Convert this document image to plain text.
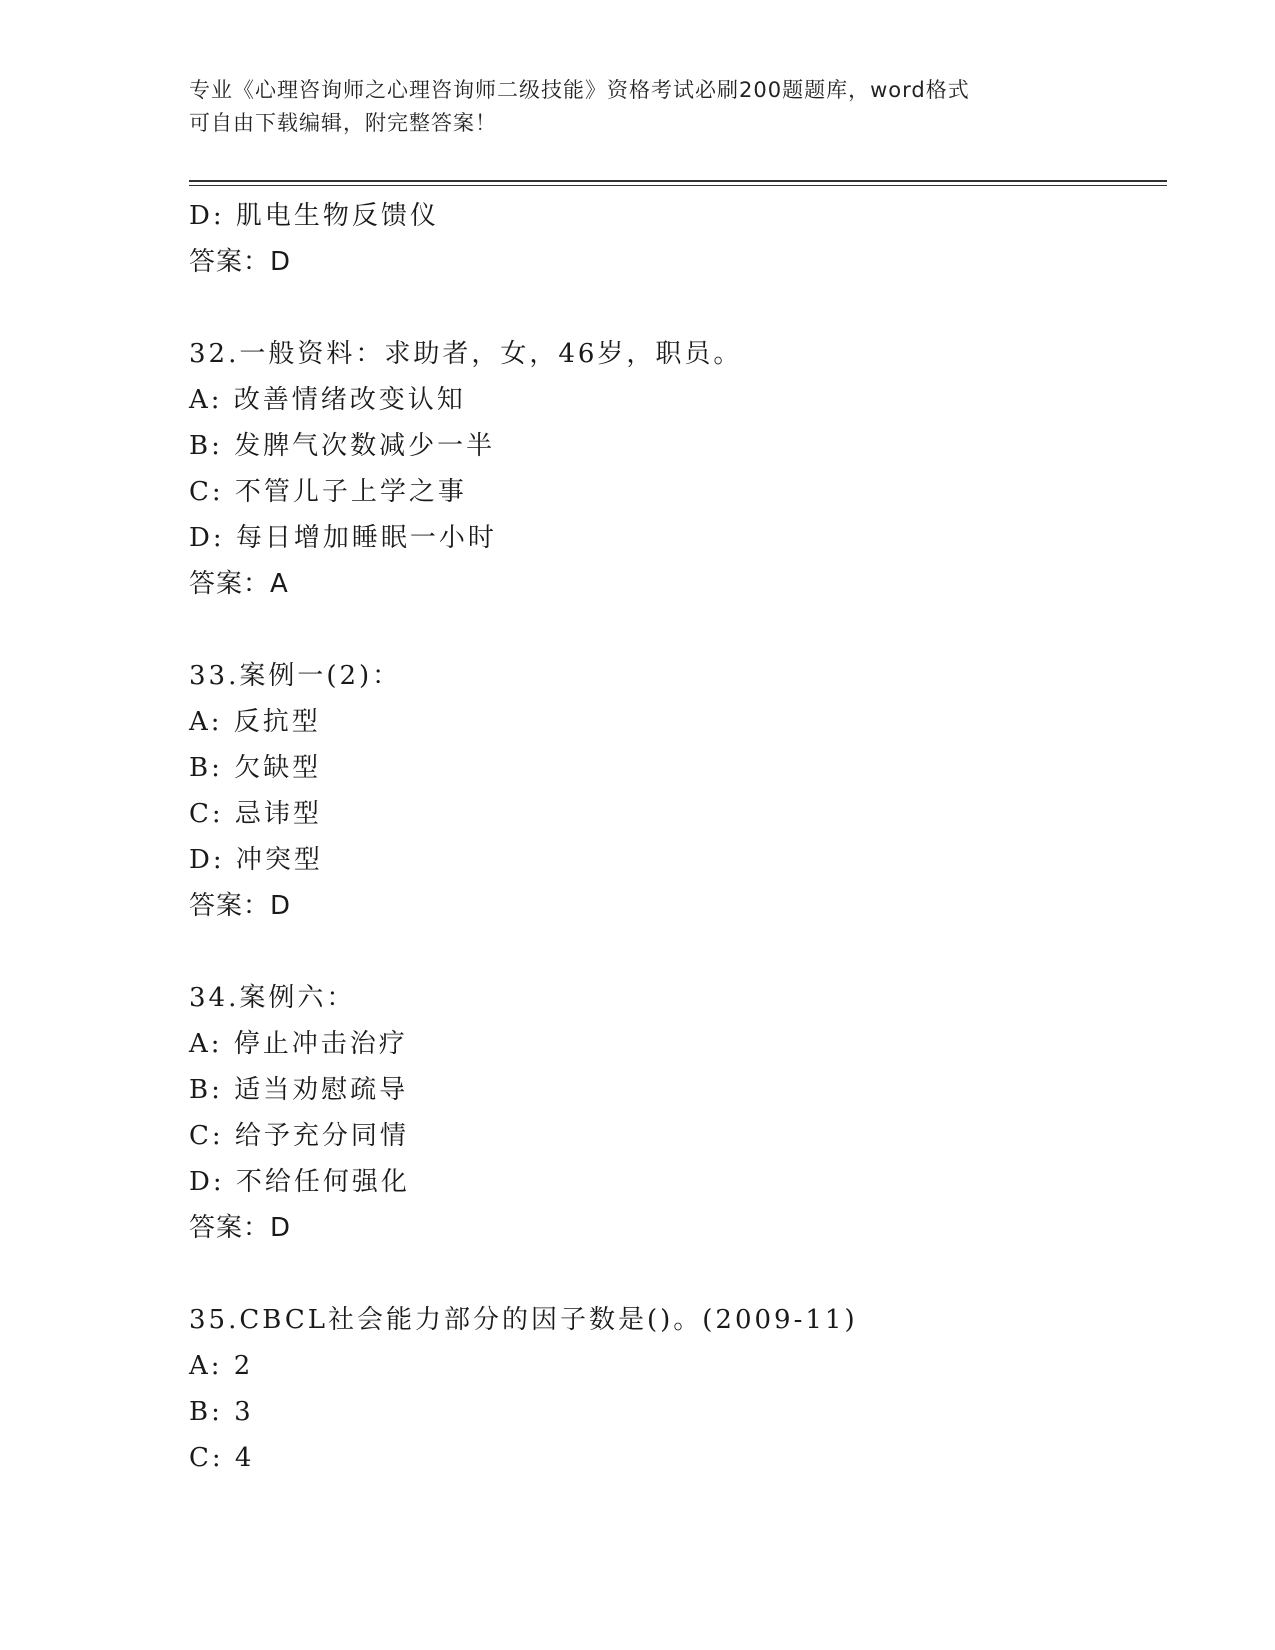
专业《心理咨询师之心理咨询师二级技能》资格考试必刷200题题库，word格式
可自由下载编辑，附完整答案！
D: 肌电生物反馈仪
答案：D
32.一般资料：求助者，女，46岁，职员。
A: 改善情绪改变认知
B: 发脾气次数减少一半
C: 不管儿子上学之事
D: 每日增加睡眠一小时
答案：A
33.案例一(2)：
A: 反抗型
B: 欠缺型
C: 忌讳型
D: 冲突型
答案：D
34.案例六：
A: 停止冲击治疗
B: 适当劝慰疏导
C: 给予充分同情
D: 不给任何强化
答案：D
35.CBCL社会能力部分的因子数是()。(2009-11)
A: 2
B: 3
C: 4
